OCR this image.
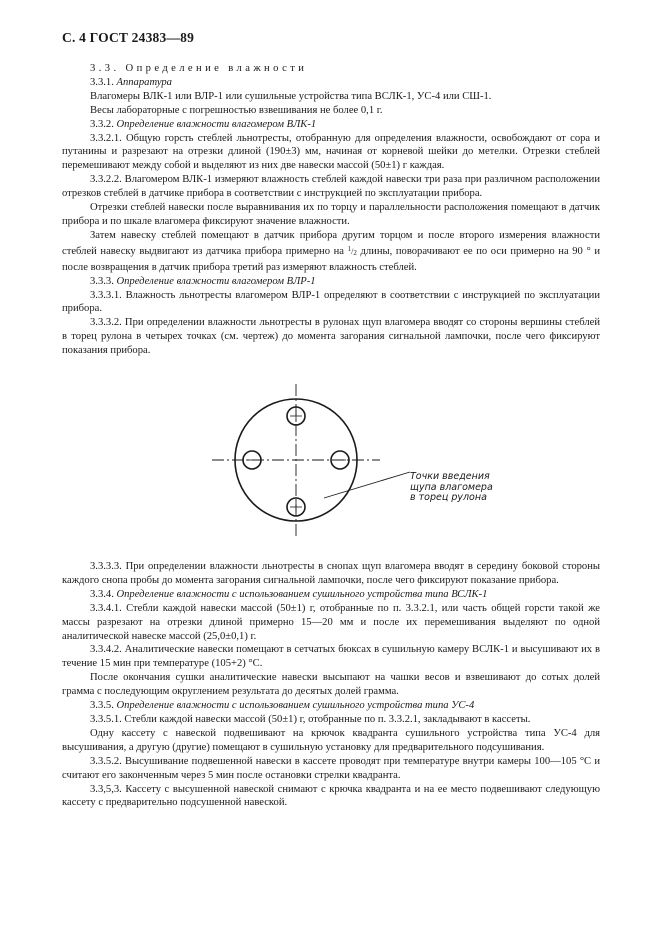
С. 4 ГОСТ 24383—89

3.3. Определение влажности

3.3.1. Аппаратура

Влагомеры ВЛК-1 или ВЛР-1 или сушильные устройства типа ВСЛК-1, УС-4 или СШ-1.

Весы лабораторные с погрешностью взвешивания не более 0,1 г.

3.3.2. Определение влажности влагомером ВЛК-1

3.3.2.1. Общую горсть стеблей льнотресты, отобранную для определения влажности, освобождают от сора и путанины и разрезают на отрезки длиной (190±3) мм, начиная от корневой шейки до метелки. Отрезки стеблей перемешивают между собой и выделяют из них две навески массой (50±1) г каждая.

3.3.2.2. Влагомером ВЛК-1 измеряют влажность стеблей каждой навески три раза при различном расположении отрезков стеблей в датчике прибора в соответствии с инструкцией по эксплуатации прибора.

Отрезки стеблей навески после выравнивания их по торцу и параллельности расположения помещают в датчик прибора и по шкале влагомера фиксируют значение влажности.

Затем навеску стеблей помещают в датчик прибора другим торцом и после второго измерения влажности стеблей навеску выдвигают из датчика прибора примерно на $^1/_2$ длины, поворачивают ее по оси примерно на 90 ° и после возвращения в датчик прибора третий раз измеряют влажность стеблей.

3.3.3. Определение влажности влагомером ВЛР-1

3.3.3.1. Влажность льнотресты влагомером ВЛР-1 определяют в соответствии с инструкцией по эксплуатации прибора.

3.3.3.2. При определении влажности льнотресты в рулонах щуп влагомера вводят со стороны вершины стеблей в торец рулона в четырех точках (см. чертеж) до момента загорания сигнальной лампочки, после чего фиксируют показания прибора.

Точки введения
щупа влагомера
в торец рулона

3.3.3.3. При определении влажности льнотресты в снопах щуп влагомера вводят в середину боковой стороны каждого снопа пробы до момента загорания сигнальной лампочки, после чего фиксируют показание прибора.

3.3.4. Определение влажности с использованием сушильного устройства типа ВСЛК-1

3.3.4.1. Стебли каждой навески массой (50±1) г, отобранные по п. 3.3.2.1, или часть общей горсти такой же массы разрезают на отрезки длиной примерно 15—20 мм и после их перемешивания выделяют по одной аналитической навеске массой (25,0±0,1) г.

3.3.4.2. Аналитические навески помещают в сетчатых бюксах в сушильную камеру ВСЛК-1 и высушивают их в течение 15 мин при температуре (105+2) °С.

После окончания сушки аналитические навески высыпают на чашки весов и взвешивают до сотых долей грамма с последующим округлением результата до десятых долей грамма.

3.3.5. Определение влажности с использованием сушильного устройства типа УС-4

3.3.5.1. Стебли каждой навески массой (50±1) г, отобранные по п. 3.3.2.1, закладывают в кассеты.

Одну кассету с навеской подвешивают на крючок квадранта сушильного устройства типа УС-4 для высушивания, а другую (другие) помещают в сушильную установку для предварительного подсушивания.

3.3.5.2. Высушивание подвешенной навески в кассете проводят при температуре внутри камеры 100—105 °С и считают его законченным через 5 мин после остановки стрелки квадранта.

3.3,5,3. Кассету с высушенной навеской снимают с крючка квадранта и на ее место подвешивают следующую кассету с предварительно подсушенной навеской.
